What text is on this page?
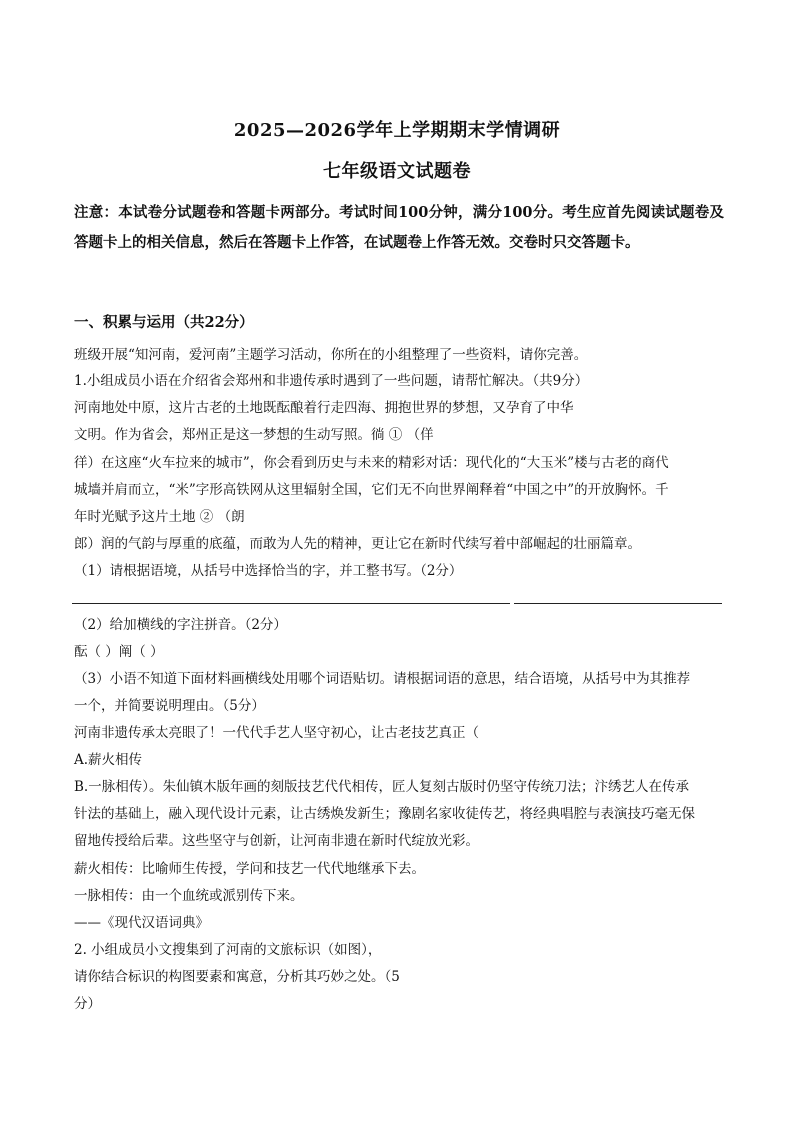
2025—2026学年上学期期末学情调研
七年级语文试题卷
注意：本试卷分试题卷和答题卡两部分。考试时间100分钟，满分100分。考生应首先阅读试题卷及答题卡上的相关信息，然后在答题卡上作答，在试题卷上作答无效。交卷时只交答题卡。
一、积累与运用（共22分）
班级开展“知河南，爱河南”主题学习活动，你所在的小组整理了一些资料，请你完善。
1.小组成员小语在介绍省会郑州和非遗传承时遇到了一些问题，请帮忙解决。（共9分）
河南地处中原，这片古老的土地既酝酿着行走四海、拥抱世界的梦想，又孕育了中华
文明。作为省会，郑州正是这一梦想的生动写照。徜 ① （佯
徉）在这座“火车拉来的城市”，你会看到历史与未来的精彩对话：现代化的“大玉米”楼与古老的商代
城墙并肩而立，“米”字形高铁网从这里辐射全国，它们无不向世界阐释着“中国之中”的开放胸怀。千
年时光赋予这片土地 ② （朗
郎）润的气韵与厚重的底蕴，而敢为人先的精神，更让它在新时代续写着中部崛起的壮丽篇章。
（1）请根据语境，从括号中选择恰当的字，并工整书写。（2分）
（2）给加横线的字注拼音。（2分）
酝（ ）阐（ ）
（3）小语不知道下面材料画横线处用哪个词语贴切。请根据词语的意思，结合语境，从括号中为其推荐
一个，并简要说明理由。（5分）
河南非遗传承太亮眼了！一代代手艺人坚守初心，让古老技艺真正（
A.薪火相传
B.一脉相传）。朱仙镇木版年画的刻版技艺代代相传，匠人复刻古版时仍坚守传统刀法；汴绣艺人在传承
针法的基础上，融入现代设计元素，让古绣焕发新生；豫剧名家收徒传艺，将经典唱腔与表演技巧毫无保
留地传授给后辈。这些坚守与创新，让河南非遗在新时代绽放光彩。
薪火相传：比喻师生传授，学问和技艺一代代地继承下去。
一脉相传：由一个血统或派别传下来。
——《现代汉语词典》
2. 小组成员小文搜集到了河南的文旅标识（如图），
请你结合标识的构图要素和寓意，分析其巧妙之处。（5
分）
